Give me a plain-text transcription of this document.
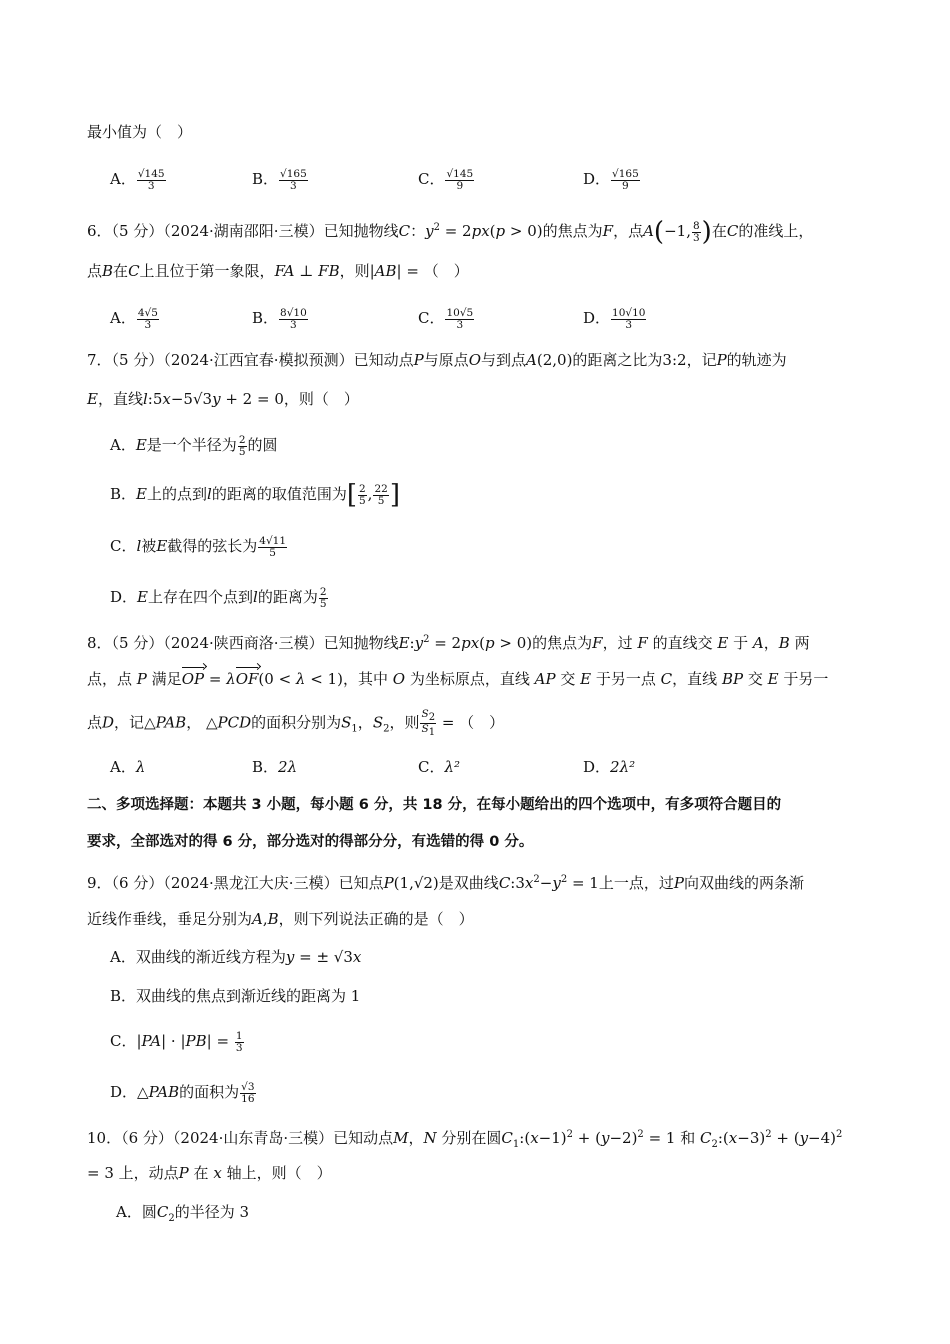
最小值为（　）
A． $\frac{√145}{3}$	B． $\frac{√165}{3}$	C． $\frac{√145}{9}$	D． $\frac{√165}{9}$
6．（5 分）（2024·湖南邵阳·三模）已知抛物线C：$y^2 = 2px(p > 0)$的焦点为F，点A(−1, $\frac{8}{3}$ )在C的准线上，
点B在C上且位于第一象限，FA ⊥ FB，则|AB| = （　）
A． $\frac{4√5}{3}$	B． $\frac{8√10}{3}$	C． $\frac{10√5}{3}$	D． $\frac{10√10}{3}$
7．（5 分）（2024·江西宜春·模拟预测）已知动点P与原点O与到点A(2,0)的距离之比为3:2，记P的轨迹为
E，直线l:5x−5√3y + 2 = 0，则（　）
A．E是一个半径为 $\frac{2}{5}$ 的圆
B．E上的点到l的距离的取值范围为[ $\frac{2}{5}$ , $\frac{22}{5}$ ]
C．l被E截得的弦长为 $\frac{4√11}{5}$
D．E上存在四个点到l的距离为 $\frac{2}{5}$
8．（5 分）（2024·陕西商洛·三模）已知抛物线$E:y^2 = 2px(p > 0)$的焦点为F，过 F 的直线交 E 于 A，B 两
点，点 P 满足OP = λOF(0 < λ < 1)，其中 O 为坐标原点，直线 AP 交 E 于另一点 C，直线 BP 交 E 于另一
点D，记△PAB， △PCD的面积分别为$S_1$，$S_2$，则 $\frac{S_2}{S_1}$ = （　）
A．λ	B．2λ	C．λ²	D．2λ²
二、多项选择题：本题共 3 小题，每小题 6 分，共 18 分，在每小题给出的四个选项中，有多项符合题目的
要求，全部选对的得 6 分，部分选对的得部分分，有选错的得 0 分。
9．（6 分）（2024·黑龙江大庆·三模）已知点P(1,√2)是双曲线$C:3x^2-y^2 = 1$上一点，过P向双曲线的两条渐
近线作垂线，垂足分别为A,B，则下列说法正确的是（　）
A．双曲线的渐近线方程为y = ± √3x
B．双曲线的焦点到渐近线的距离为 1
C．$|PA| \cdot |PB| = \frac{1}{3}$
D．△PAB的面积为 $\frac{√3}{16}$
10．（6 分）（2024·山东青岛·三模）已知动点M，N 分别在圆$C_1:(x-1)^2 + (y-2)^2 = 1$ 和 $C_2:(x-3)^2 + (y-4)^2$
= 3 上，动点P 在 x 轴上，则（　）
A．圆$C_2$的半径为 3
